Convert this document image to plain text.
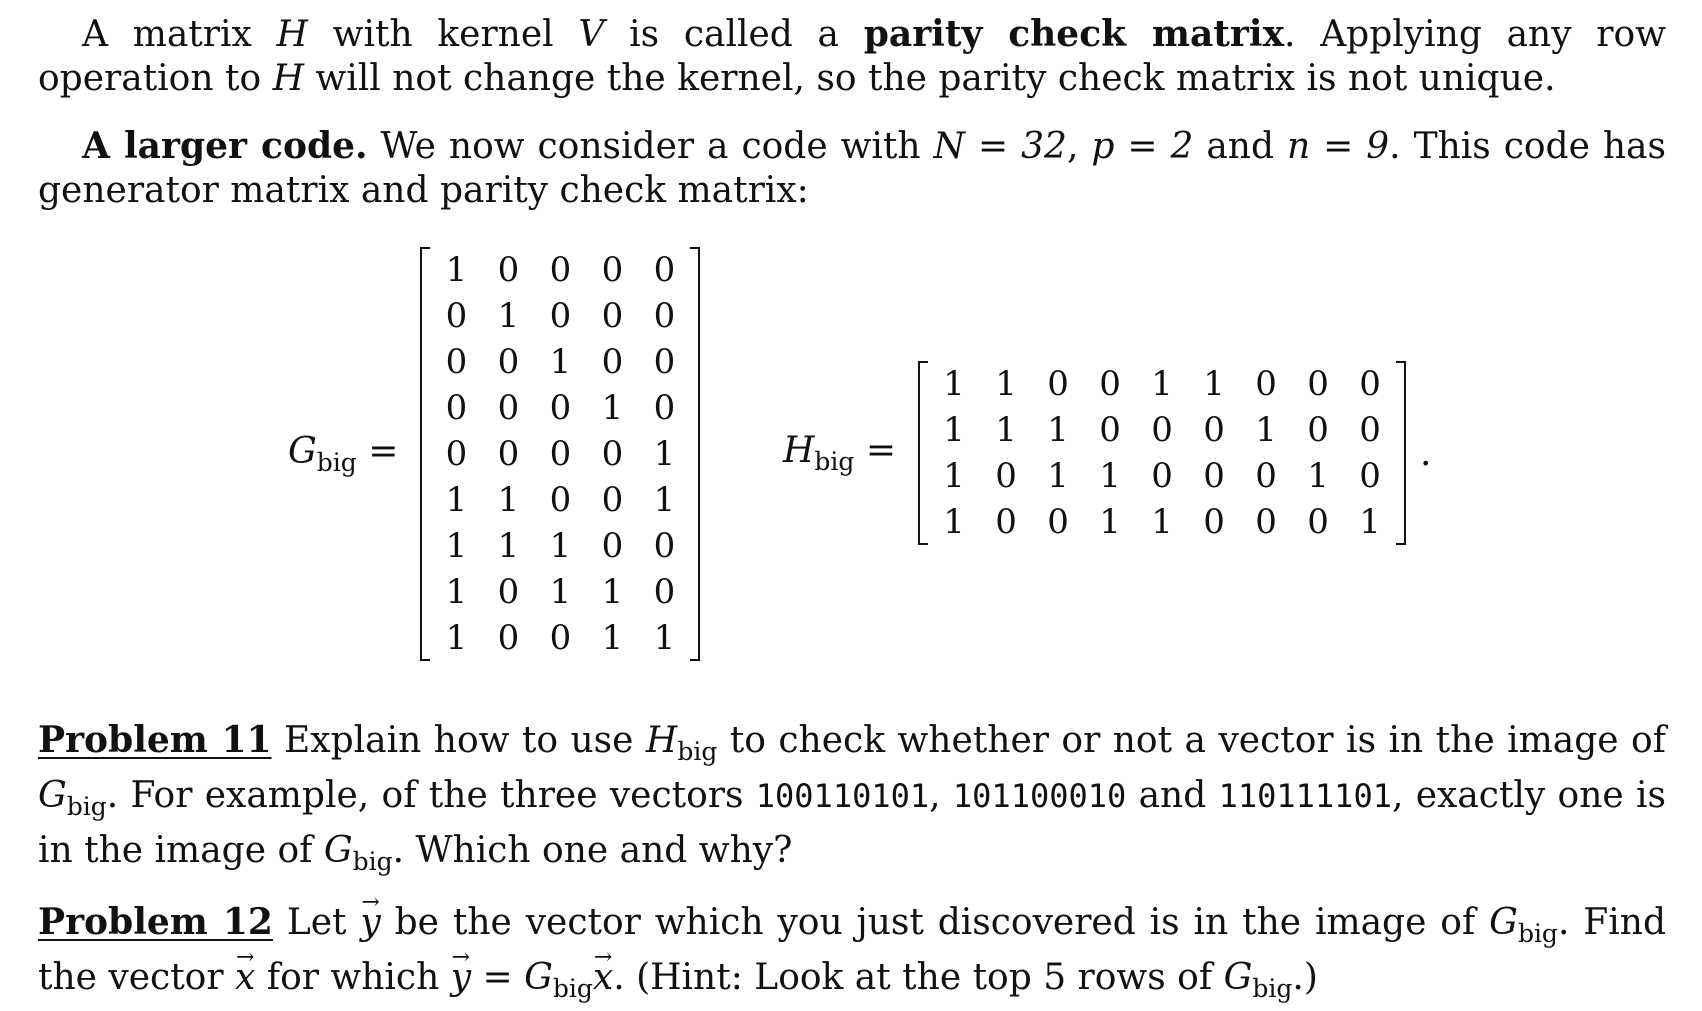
A matrix H with kernel V is called a parity check matrix. Applying any row operation to H will not change the kernel, so the parity check matrix is not unique.
A larger code. We now consider a code with N = 32, p = 2 and n = 9. This code has generator matrix and parity check matrix:
$G_{big}$ =
1 0 0 0 0
0 1 0 0 0
0 0 1 0 0
0 0 0 1 0
0 0 0 0 1
1 1 0 0 1
1 1 1 0 0
1 0 1 1 0
1 0 0 1 1
$H_{big}$ =
1 1 0 0 1 1 0 0 0
1 1 1 0 0 0 1 0 0
1 0 1 1 0 0 0 1 0
1 0 0 1 1 0 0 0 1
.
Problem 11 Explain how to use $H_{big}$ to check whether or not a vector is in the image of $G_{big}$. For example, of the three vectors 100110101, 101100010 and 110111101, exactly one is in the image of $G_{big}$. Which one and why?
Problem 12 Let → y be the vector which you just discovered is in the image of $G_{big}$. Find the vector → x for which → $y = G_{big}\to x$. (Hint: Look at the top 5 rows of $G_{big}$.)
